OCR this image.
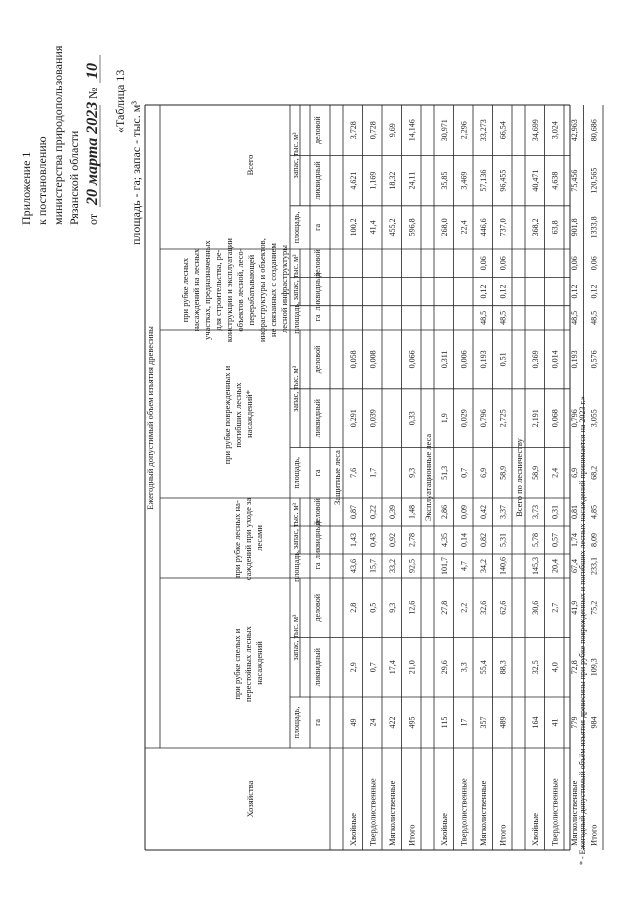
Приложение 1 к постановлению министерства природопользования Рязанской области от
20 марта 2023
№
10 «Таблица 13 площадь - га; запас - тыс. м³
Хозяйства
Ежегодный допустимый объем изъятия древесины
при рубке спелых и перестойных лесных насаждений
при рубке лесных на- саждений при уходе за лесами
при рубке поврежденных и погибших лесных насаждений*
при рубке лесных насаждений на лесных участках, предназначенных для строительства, ре- конструкции и эксплуатации объектов лесной, лесо- перерабатывающей инфраструктуры и объектов, не связанных с созданием лесной инфраструктуры
Всего
площадь, га
запас, тыс. м³
ликвидный
деловой
площадь, га
запас, тыс. м³ ликвидный
деловой
площадь, га
запас, тыс. м³
ликвидный
деловой
площадь, га
запас, тыс. м³ ликвидный
деловой
площадь, га
запас, тыс. м³
ликвидный
деловой
Защитные леса
Хвойные
49
2,9
2,8
43,6
1,43
0,87
7,6
0,291
0,058
100,2
4,621
3,728
Твердолиственные
24
0,7
0,5
15,7
0,43
0,22
1,7
0,039
0,008
41,4
1,169
0,728
Мягколиственные
422
17,4
9,3
33,2
0,92
0,39
455,2
18,32
9,69
Итого
495
21,0
12,6
92,5
2,78
1,48
9,3
0,33
0,066
596,8
24,11
14,146
Эксплуатационные леса
Хвойные
115
29,6
27,8
101,7
4,35
2,86
51,3
1,9
0,311
268,0
35,85
30,971
Твердолиственные
17
3,3
2,2
4,7
0,14
0,09
0,7
0,029
0,006
22,4
3,469
2,296
Мягколиственные
357
55,4
32,6
34,2
0,82
0,42
6,9
0,796
0,193
48,5
0,12
0,06
446,6
57,136
33,273
Итого
489
88,3
62,6
140,6
5,31
3,37
58,9
2,725
0,51
48,5
0,12
0,06
737,0
96,455
66,54
Всего по лесничеству
Хвойные
164
32,5
30,6
145,3
5,78
3,73
58,9
2,191
0,369
368,2
40,471
34,699
Твердолиственные
41
4,0
2,7
20,4
0,57
0,31
2,4
0,068
0,014
63,8
4,638
3,024
Мягколиственные
779
72,8
41,9
67,4
1,74
0,81
6,9
0,796
0,193
48,5
0,12
0,06
901,8
75,456
42,963
Итого
984
109,3
75,2
233,1
8,09
4,85
68,2
3,055
0,576
48,5
0,12
0,06
1333,8
120,565
80,686
* - Ежегодный допустимый объём изъятия древесины при рубке поврежденных и погибших лесных насаждений принимается на 2023 г.»
